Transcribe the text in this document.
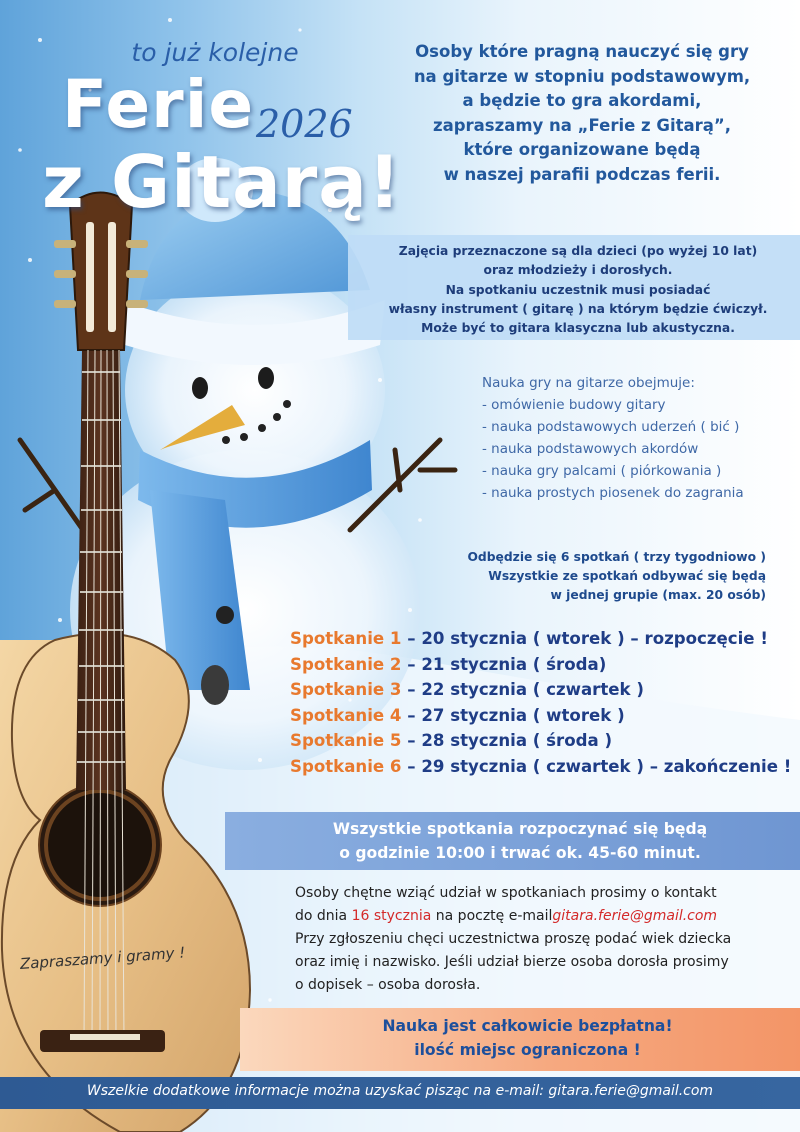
to już kolejne
Ferie 2026
z Gitarą!
Osoby które pragną nauczyć się gry
na gitarze w stopniu podstawowym,
a będzie to gra akordami,
zapraszamy na „Ferie z Gitarą”,
które organizowane będą
w naszej parafii podczas ferii.
Zajęcia przeznaczone są dla dzieci (po wyżej 10 lat)
oraz młodzieży i dorosłych.
Na spotkaniu uczestnik musi posiadać
własny instrument ( gitarę ) na którym będzie ćwiczył.
Może być to gitara klasyczna lub akustyczna.
Nauka gry na gitarze obejmuje:
- omówienie budowy gitary
- nauka podstawowych uderzeń ( bić )
- nauka podstawowych akordów
- nauka gry palcami ( piórkowania )
- nauka prostych piosenek do zagrania
Odbędzie się 6 spotkań ( trzy tygodniowo )
Wszystkie ze spotkań odbywać się będą
w jednej grupie (max. 20 osób)
Spotkanie 1 – 20 stycznia ( wtorek ) – rozpoczęcie !
Spotkanie 2 – 21 stycznia ( środa)
Spotkanie 3 – 22 stycznia ( czwartek )
Spotkanie 4 – 27 stycznia ( wtorek )
Spotkanie 5 – 28 stycznia ( środa )
Spotkanie 6 – 29 stycznia ( czwartek ) – zakończenie !
Wszystkie spotkania rozpoczynać się będą
o godzinie 10:00 i trwać ok. 45-60 minut.
Osoby chętne wziąć udział w spotkaniach prosimy o kontakt
do dnia 16 stycznia na pocztę e-mailgitara.ferie@gmail.com
Przy zgłoszeniu chęci uczestnictwa proszę podać wiek dziecka
oraz imię i nazwisko. Jeśli udział bierze osoba dorosła prosimy
o dopisek – osoba dorosła.
Zapraszamy i gramy !
Nauka jest całkowicie bezpłatna!
ilość miejsc ograniczona !
Wszelkie dodatkowe informacje można uzyskać pisząc na e-mail: gitara.ferie@gmail.com
